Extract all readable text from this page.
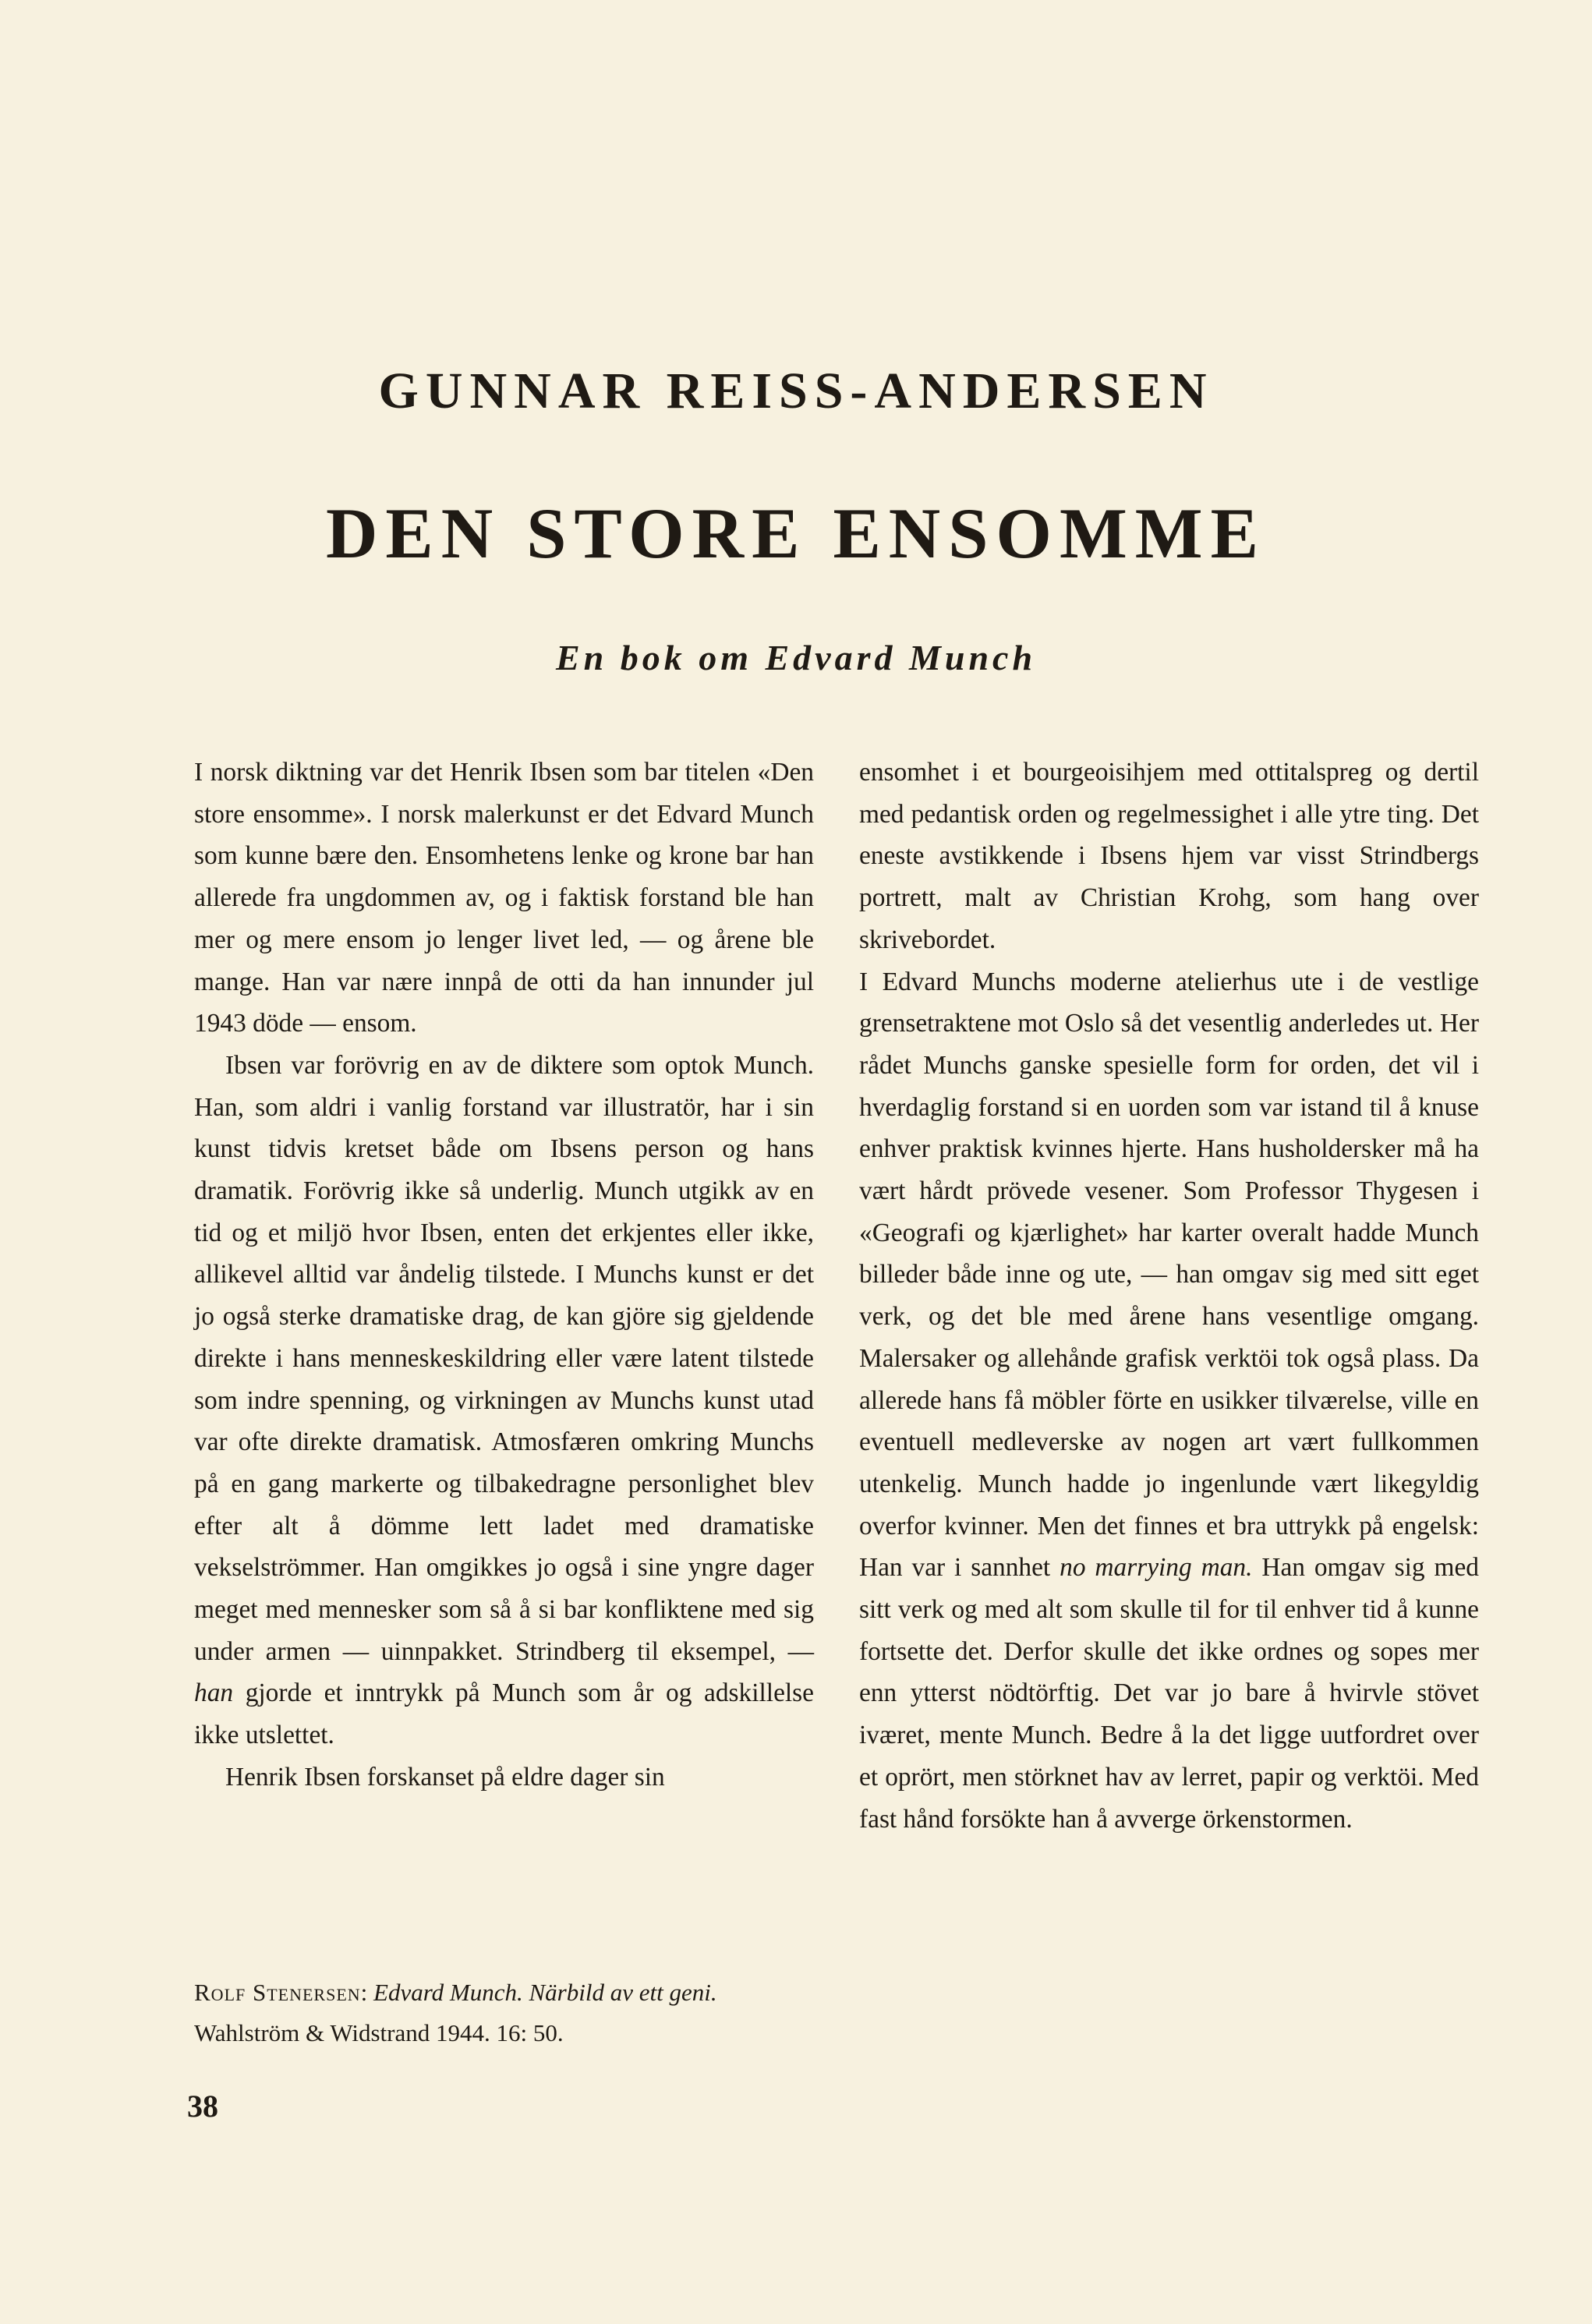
GUNNAR REISS-ANDERSEN
DEN STORE ENSOMME
En bok om Edvard Munch

I norsk diktning var det Henrik Ibsen som bar titelen «Den store ensomme». I norsk malerkunst er det Edvard Munch som kunne bære den. Ensomhetens lenke og krone bar han allerede fra ungdommen av, og i faktisk forstand ble han mer og mere ensom jo lenger livet led, — og årene ble mange. Han var nære innpå de otti da han innunder jul 1943 döde — ensom.

Ibsen var forövrig en av de diktere som optok Munch. Han, som aldri i vanlig forstand var illustratör, har i sin kunst tidvis kretset både om Ibsens person og hans dramatik. Forövrig ikke så underlig. Munch utgikk av en tid og et miljö hvor Ibsen, enten det erkjentes eller ikke, allikevel alltid var åndelig tilstede. I Munchs kunst er det jo også sterke dramatiske drag, de kan gjöre sig gjeldende direkte i hans menneskeskildring eller være latent tilstede som indre spenning, og virkningen av Munchs kunst utad var ofte direkte dramatisk. Atmosfæren omkring Munchs på en gang markerte og tilbakedragne personlighet blev efter alt å dömme lett ladet med dramatiske vekselströmmer. Han omgikkes jo også i sine yngre dager meget med mennesker som så å si bar konfliktene med sig under armen — uinnpakket. Strindberg til eksempel, — han gjorde et inntrykk på Munch som år og adskillelse ikke utslettet.

Henrik Ibsen forskanset på eldre dager sin

ensomhet i et bourgeoisihjem med ottitalspreg og dertil med pedantisk orden og regelmessighet i alle ytre ting. Det eneste avstikkende i Ibsens hjem var visst Strindbergs portrett, malt av Christian Krohg, som hang over skrivebordet.

I Edvard Munchs moderne atelierhus ute i de vestlige grensetraktene mot Oslo så det vesentlig anderledes ut. Her rådet Munchs ganske spesielle form for orden, det vil i hverdaglig forstand si en uorden som var istand til å knuse enhver praktisk kvinnes hjerte. Hans husholdersker må ha vært hårdt prövede vesener. Som Professor Thygesen i «Geografi og kjærlighet» har karter overalt hadde Munch billeder både inne og ute, — han omgav sig med sitt eget verk, og det ble med årene hans vesentlige omgang. Malersaker og allehånde grafisk verktöi tok også plass. Da allerede hans få möbler förte en usikker tilværelse, ville en eventuell medleverske av nogen art vært fullkommen utenkelig. Munch hadde jo ingenlunde vært likegyldig overfor kvinner. Men det finnes et bra uttrykk på engelsk: Han var i sannhet no marrying man. Han omgav sig med sitt verk og med alt som skulle til for til enhver tid å kunne fortsette det. Derfor skulle det ikke ordnes og sopes mer enn ytterst nödtörftig. Det var jo bare å hvirvle stövet iværet, mente Munch. Bedre å la det ligge uutfordret over et oprört, men störknet hav av lerret, papir og verktöi. Med fast hånd forsökte han å avverge örkenstormen.

Rolf Stenersen: Edvard Munch. Närbild av ett geni.
Wahlström & Widstrand 1944. 16: 50.
38
